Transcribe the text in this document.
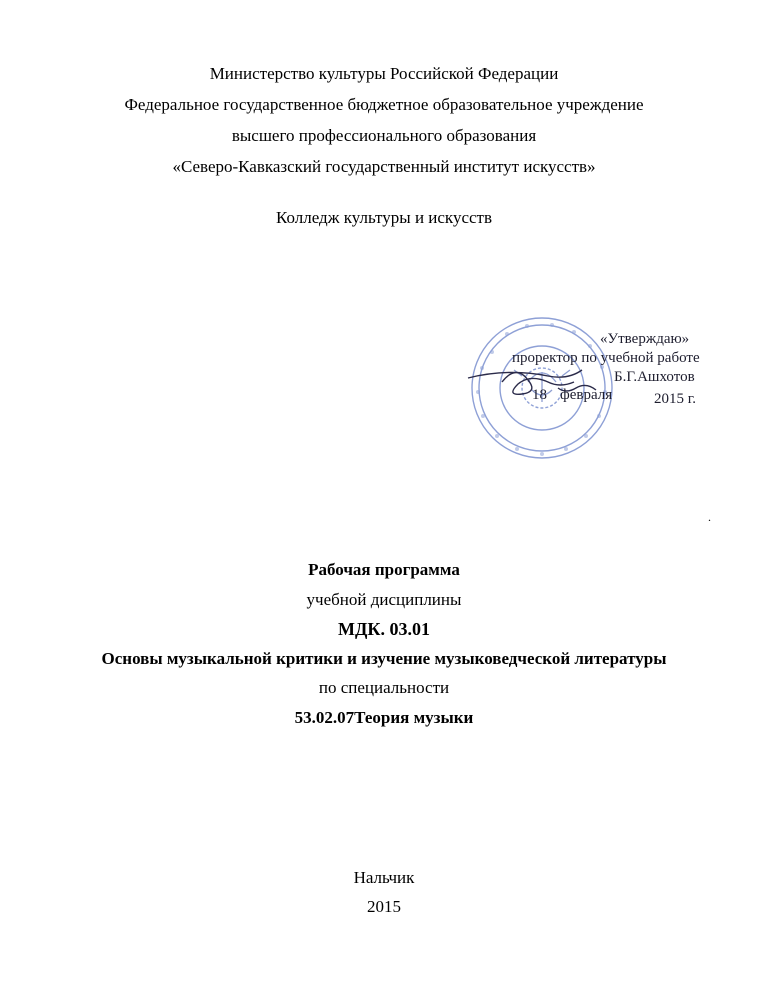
Министерство культуры Российской Федерации
Федеральное государственное бюджетное образовательное учреждение
высшего профессионального образования
«Северо-Кавказский государственный институт искусств»
Колледж культуры и искусств
«Утверждаю»
проректор по учебной работе
Б.Г.Ашхотов
18 февраля	2015 г.
.
Рабочая программа
учебной дисциплины
МДК. 03.01
Основы музыкальной критики и изучение музыковедческой литературы
по специальности
53.02.07Теория музыки
Нальчик
2015
